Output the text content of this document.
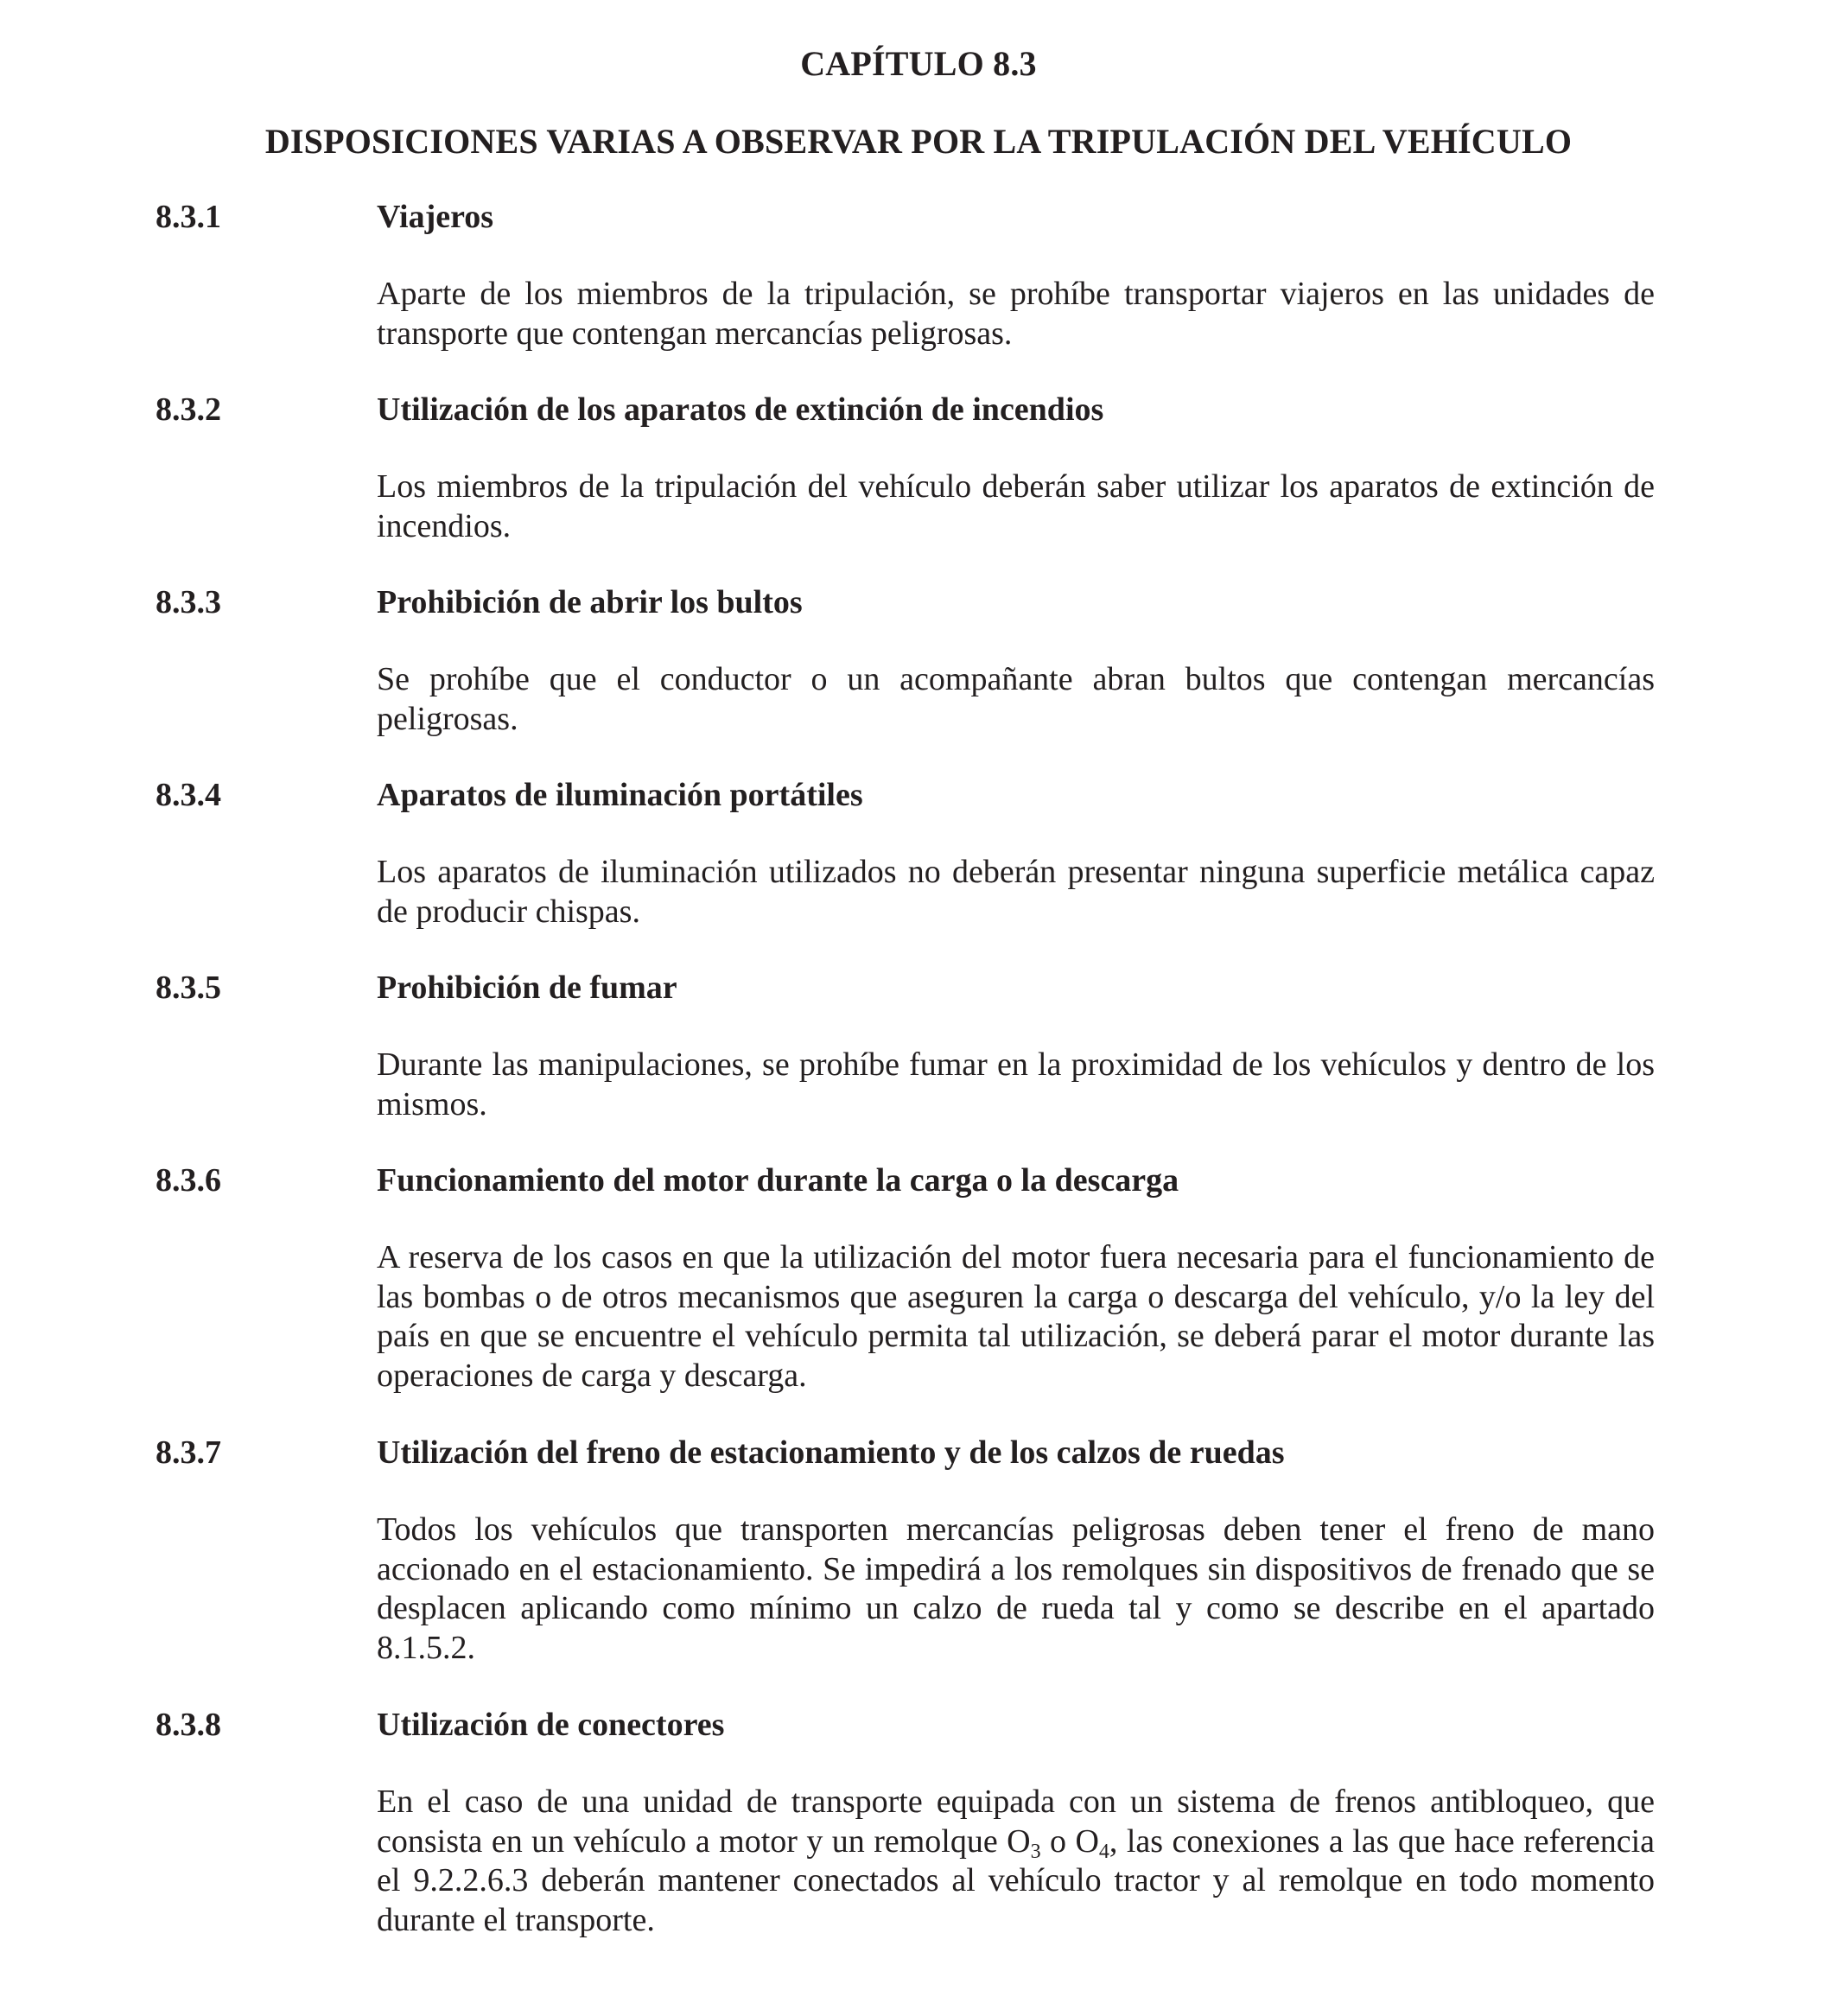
CAPÍTULO 8.3
DISPOSICIONES VARIAS A OBSERVAR POR LA TRIPULACIÓN DEL VEHÍCULO
8.3.1	Viajeros

Aparte de los miembros de la tripulación, se prohíbe transportar viajeros en las unidades de transporte que contengan mercancías peligrosas.

8.3.2	Utilización de los aparatos de extinción de incendios

Los miembros de la tripulación del vehículo deberán saber utilizar los aparatos de extinción de incendios.

8.3.3	Prohibición de abrir los bultos

Se prohíbe que el conductor o un acompañante abran bultos que contengan mercancías peligrosas.

8.3.4	Aparatos de iluminación portátiles

Los aparatos de iluminación utilizados no deberán presentar ninguna superficie metálica capaz de producir chispas.

8.3.5	Prohibición de fumar

Durante las manipulaciones, se prohíbe fumar en la proximidad de los vehículos y dentro de los mismos.

8.3.6	Funcionamiento del motor durante la carga o la descarga

A reserva de los casos en que la utilización del motor fuera necesaria para el funcionamiento de las bombas o de otros mecanismos que aseguren la carga o descarga del vehículo, y/o la ley del país en que se encuentre el vehículo permita tal utilización, se deberá parar el motor durante las operaciones de carga y descarga.

8.3.7	Utilización del freno de estacionamiento y de los calzos de ruedas

Todos los vehículos que transporten mercancías peligrosas deben tener el freno de mano accionado en el estacionamiento. Se impedirá a los remolques sin dispositivos de frenado que se desplacen aplicando como mínimo un calzo de rueda tal y como se describe en el apartado 8.1.5.2.

8.3.8	Utilización de conectores

En el caso de una unidad de transporte equipada con un sistema de frenos antibloqueo, que consista en un vehículo a motor y un remolque $O_3$ o $O_4$, las conexiones a las que hace referencia el 9.2.2.6.3 deberán mantener conectados al vehículo tractor y al remolque en todo momento durante el transporte.
